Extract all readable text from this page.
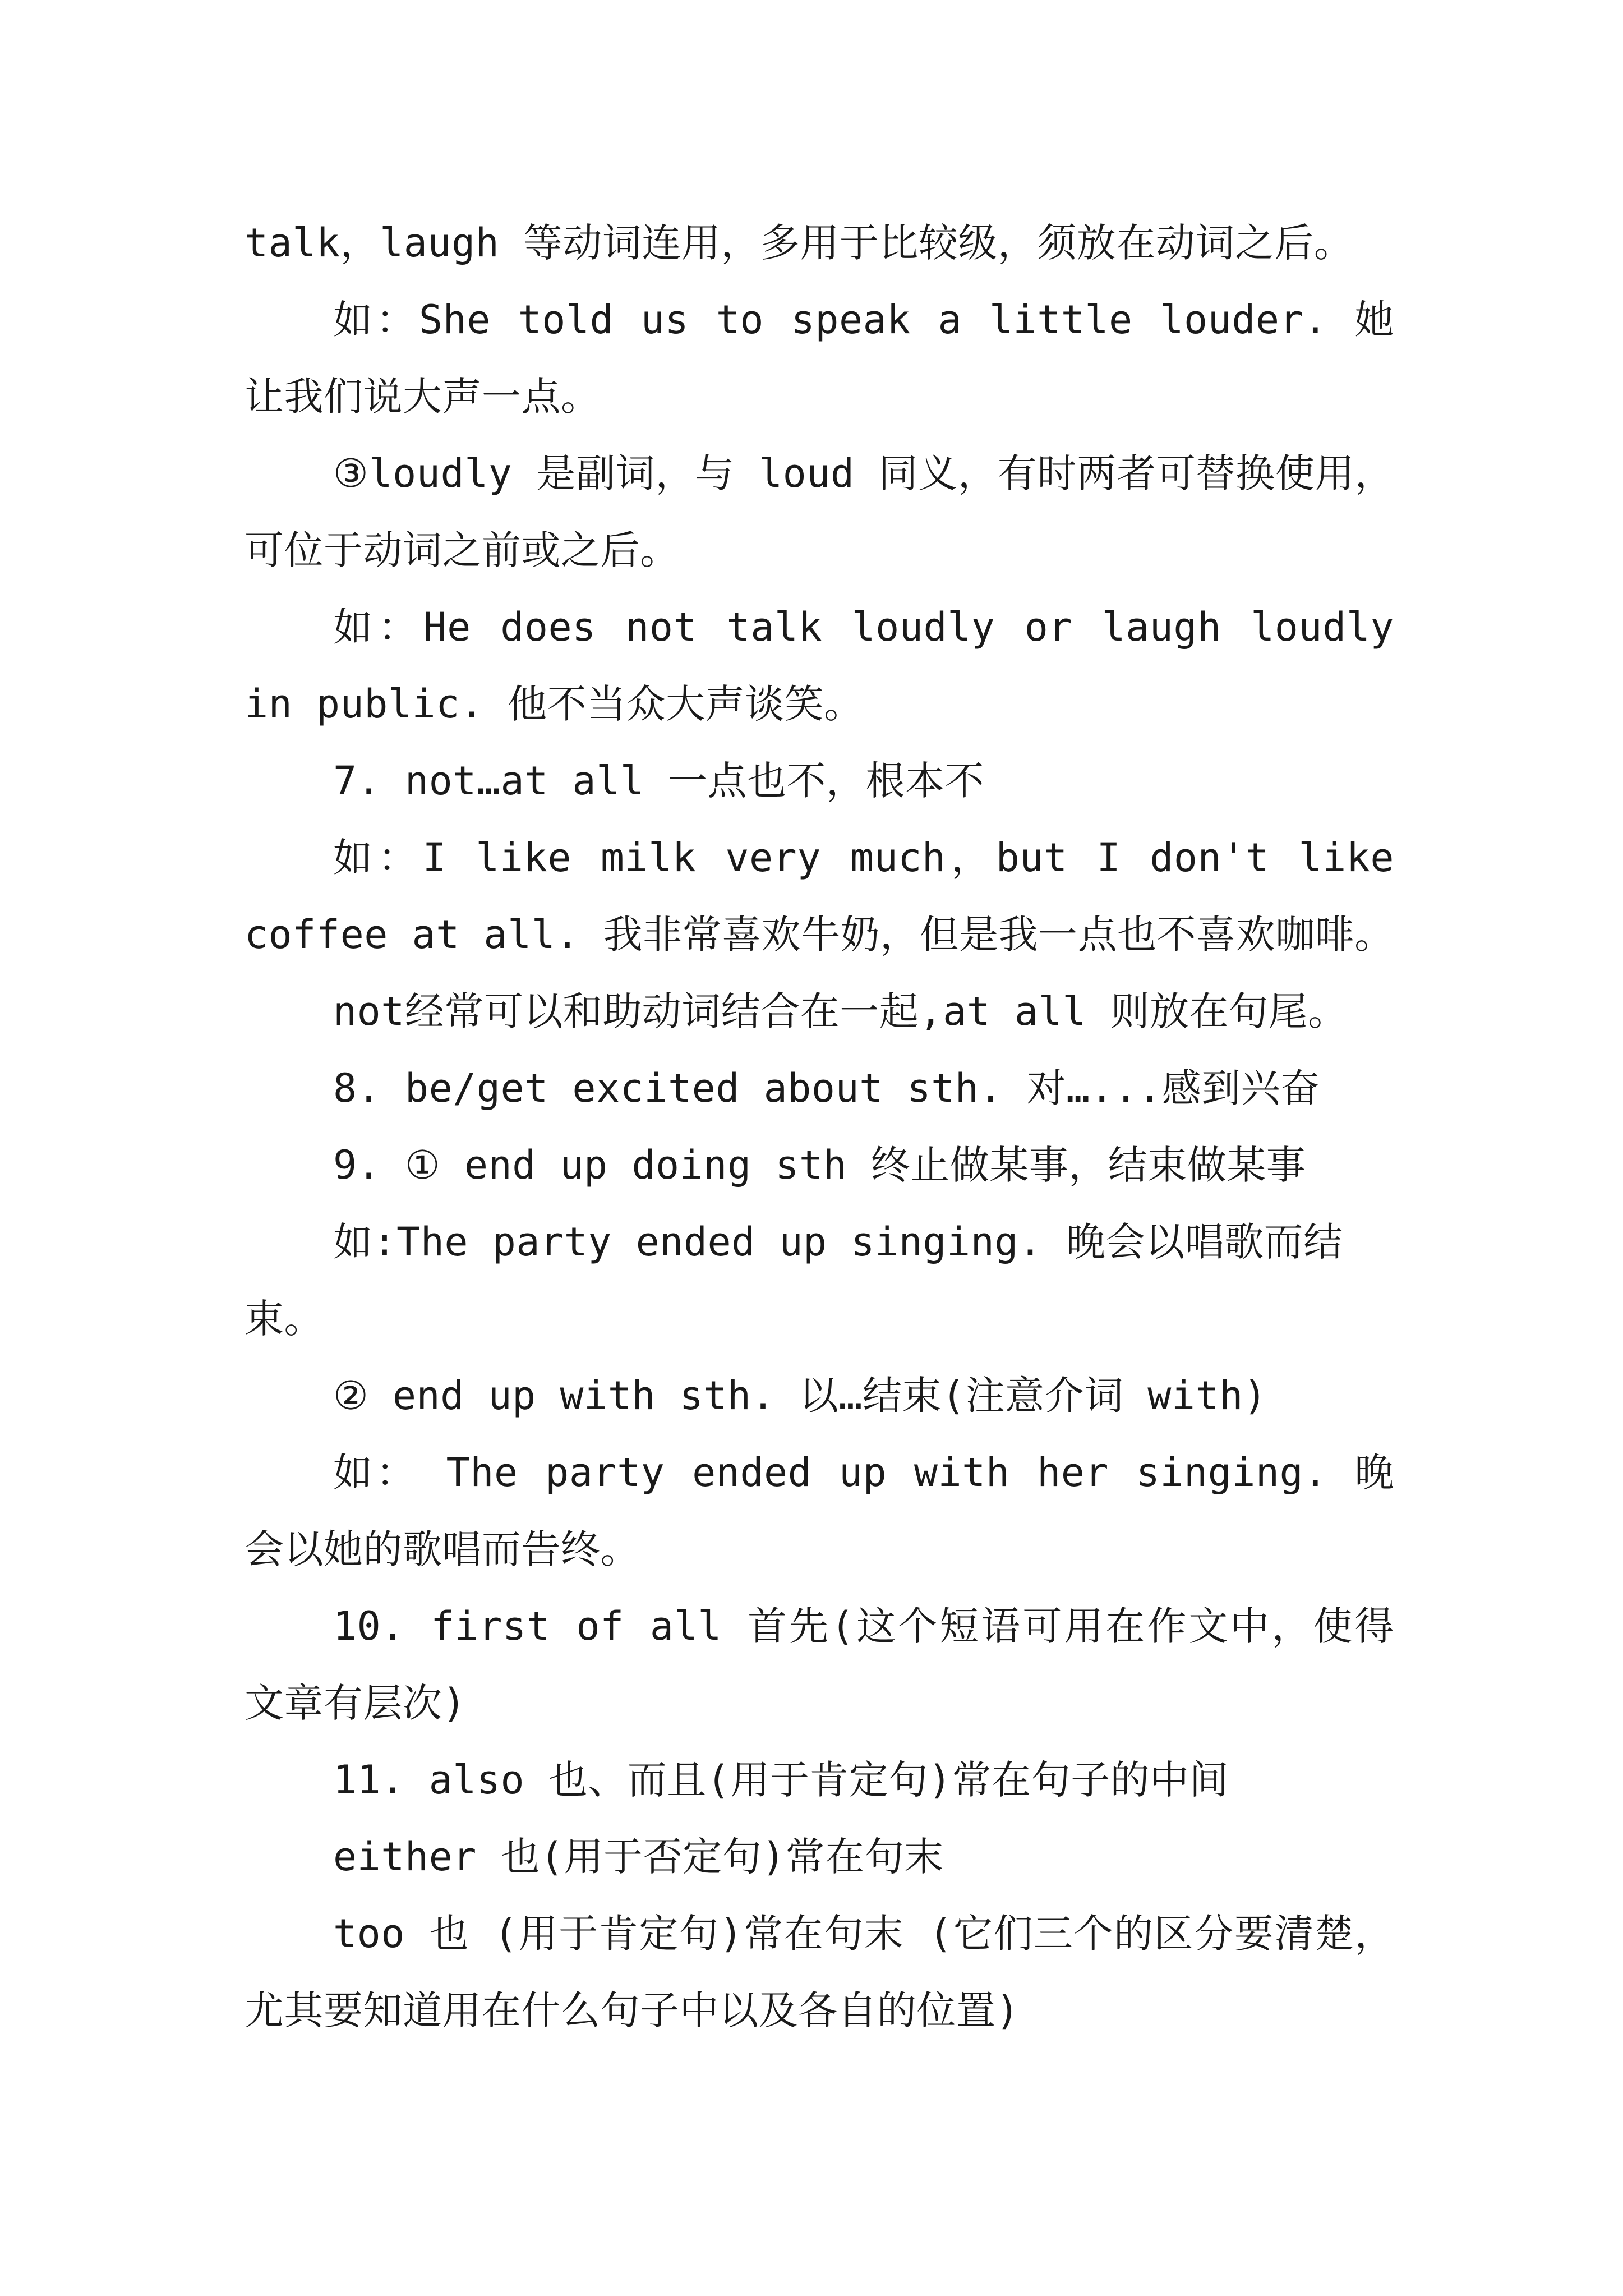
talk，laugh 等动词连用，多用于比较级，须放在动词之后。

如：She told us to speak a little louder. 她让我们说大声一点。

③loudly 是副词，与 loud 同义，有时两者可替换使用，可位于动词之前或之后。

如：He does not talk loudly or laugh loudly in public. 他不当众大声谈笑。

7. not…at all 一点也不，根本不

如：I like milk very much，but I don't like coffee at all. 我非常喜欢牛奶，但是我一点也不喜欢咖啡。

not经常可以和助动词结合在一起,at all 则放在句尾。

8. be/get excited about sth. 对…...感到兴奋

9. ① end up doing sth 终止做某事，结束做某事

如:The party ended up singing. 晚会以唱歌而结束。

② end up with sth. 以…结束(注意介词 with)

如： The party ended up with her singing. 晚会以她的歌唱而告终。

10. first of all 首先(这个短语可用在作文中，使得文章有层次)

11. also 也、而且(用于肯定句)常在句子的中间

either 也(用于否定句)常在句末

too 也 (用于肯定句)常在句末 (它们三个的区分要清楚，尤其要知道用在什么句子中以及各自的位置)
